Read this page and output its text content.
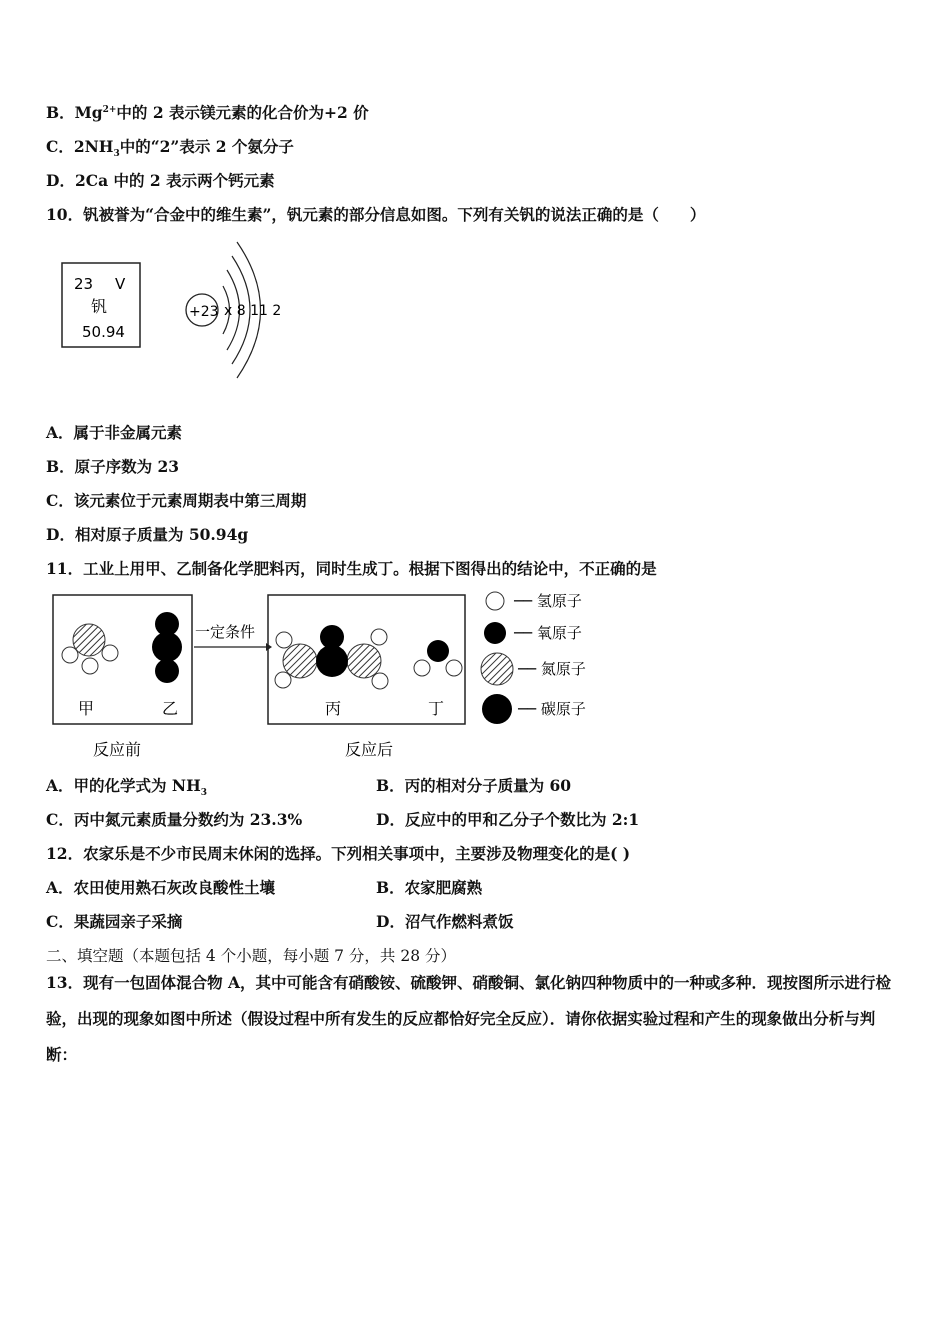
B．$Mg^{2+}$中的 2 表示镁元素的化合价为+2 价
C．$2NH_3$中的“2”表示 2 个氨分子
D．2Ca 中的 2 表示两个钙元素
10．钒被誉为“合金中的维生素”，钒元素的部分信息如图。下列有关钒的说法正确的是（　　）
23 V
钒
50.94
+23 x 8 11 2
A．属于非金属元素
B．原子序数为 23
C．该元素位于元素周期表中第三周期
D．相对原子质量为 50.94g
11．工业上用甲、乙制备化学肥料丙，同时生成丁。根据下图得出的结论中，不正确的是
甲	乙
一定条件
丙	丁
反应前	反应后
── 氢原子
── 氧原子
── 氮原子
── 碳原子
A．甲的化学式为 $NH_3$	B．丙的相对分子质量为 60
C．丙中氮元素质量分数约为 23.3%	D．反应中的甲和乙分子个数比为 2:1
12．农家乐是不少市民周末休闲的选择。下列相关事项中，主要涉及物理变化的是( )
A．农田使用熟石灰改良酸性土壤	B．农家肥腐熟
C．果蔬园亲子采摘	D．沼气作燃料煮饭
二、填空题（本题包括 4 个小题，每小题 7 分，共 28 分）
13．现有一包固体混合物 A，其中可能含有硝酸铵、硫酸钾、硝酸铜、氯化钠四种物质中的一种或多种．现按图所示进行检验，出现的现象如图中所述（假设过程中所有发生的反应都恰好完全反应）．请你依据实验过程和产生的现象做出分析与判断：
